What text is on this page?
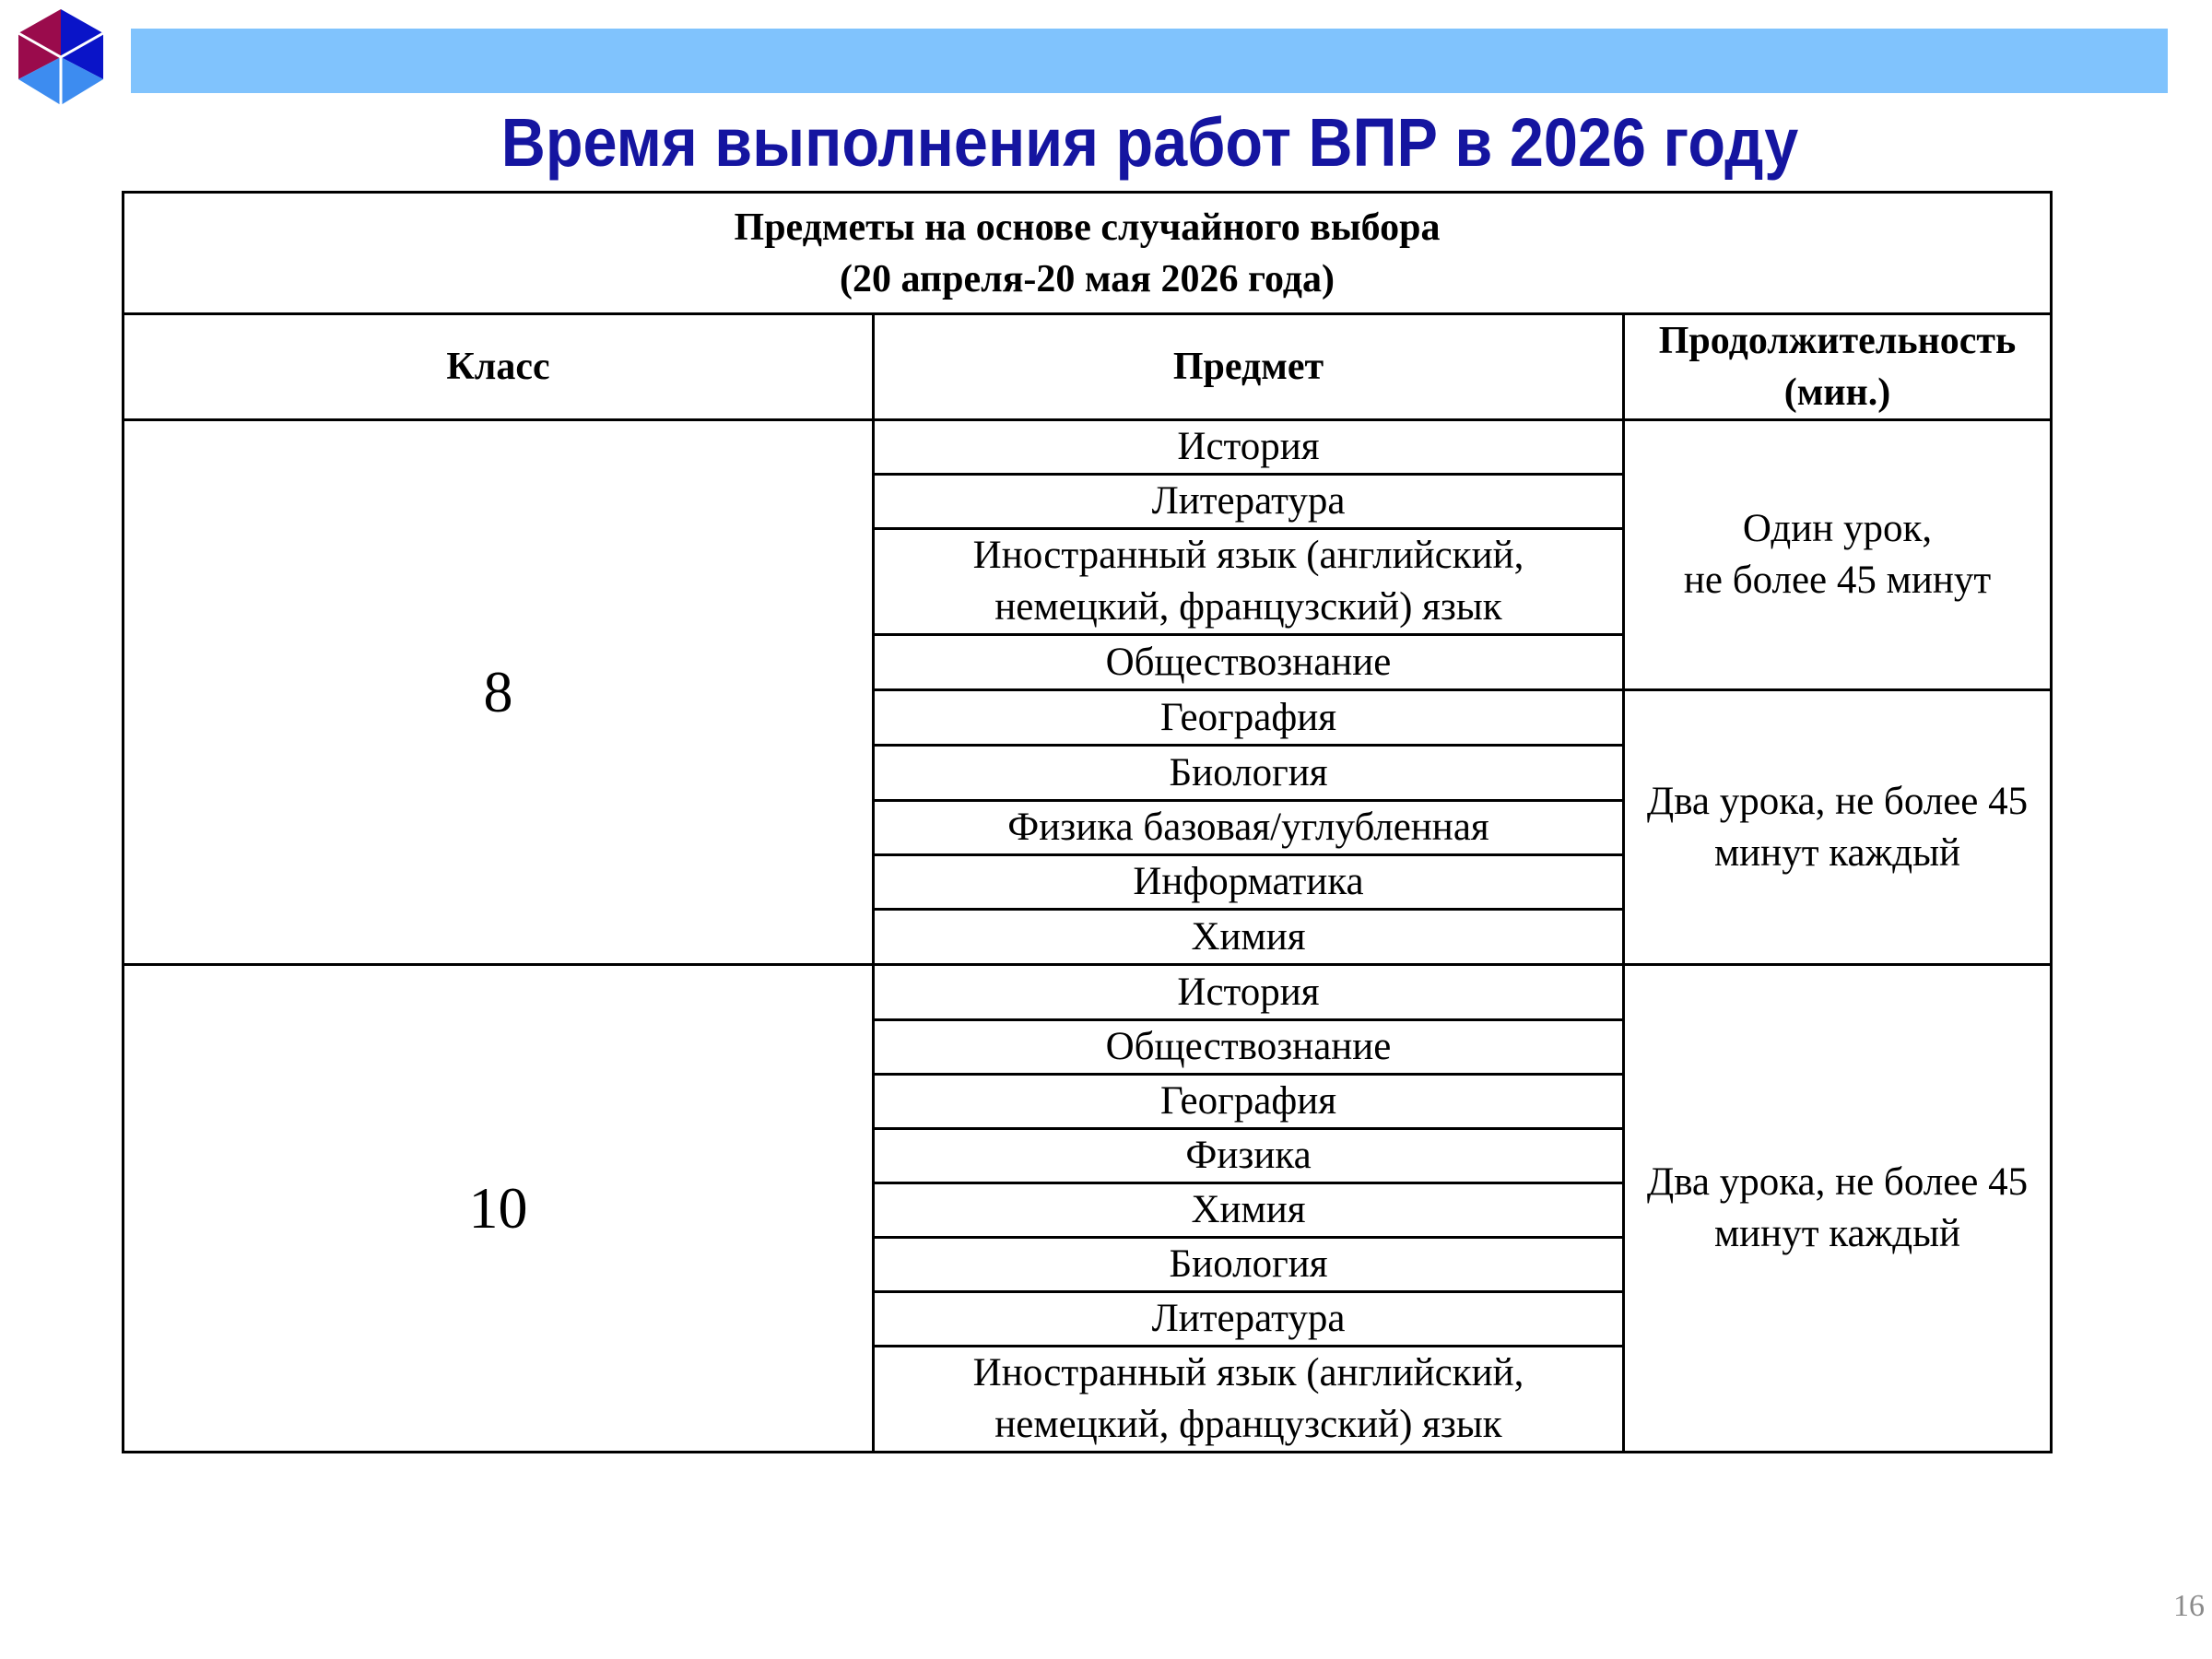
Время выполнения работ ВПР в 2026 году
Предметы на основе случайного выбора
(20 апреля-20 мая 2026 года)		
Класс	Предмет	Продолжительность
(мин.)
8	История	Один урок,
не более 45 минут
	Литература	
	Иностранный язык (английский,
немецкий, французский) язык	
	Обществознание	
	География	Два урока, не более 45
минут каждый
	Биология	
	Физика базовая/углубленная	
	Информатика	
	Химия	
10	История	Два урока, не более 45
минут каждый
	Обществознание	
	География	
	Физика	
	Химия	
	Биология	
	Литература	
	Иностранный язык (английский,
немецкий, французский) язык	
16
